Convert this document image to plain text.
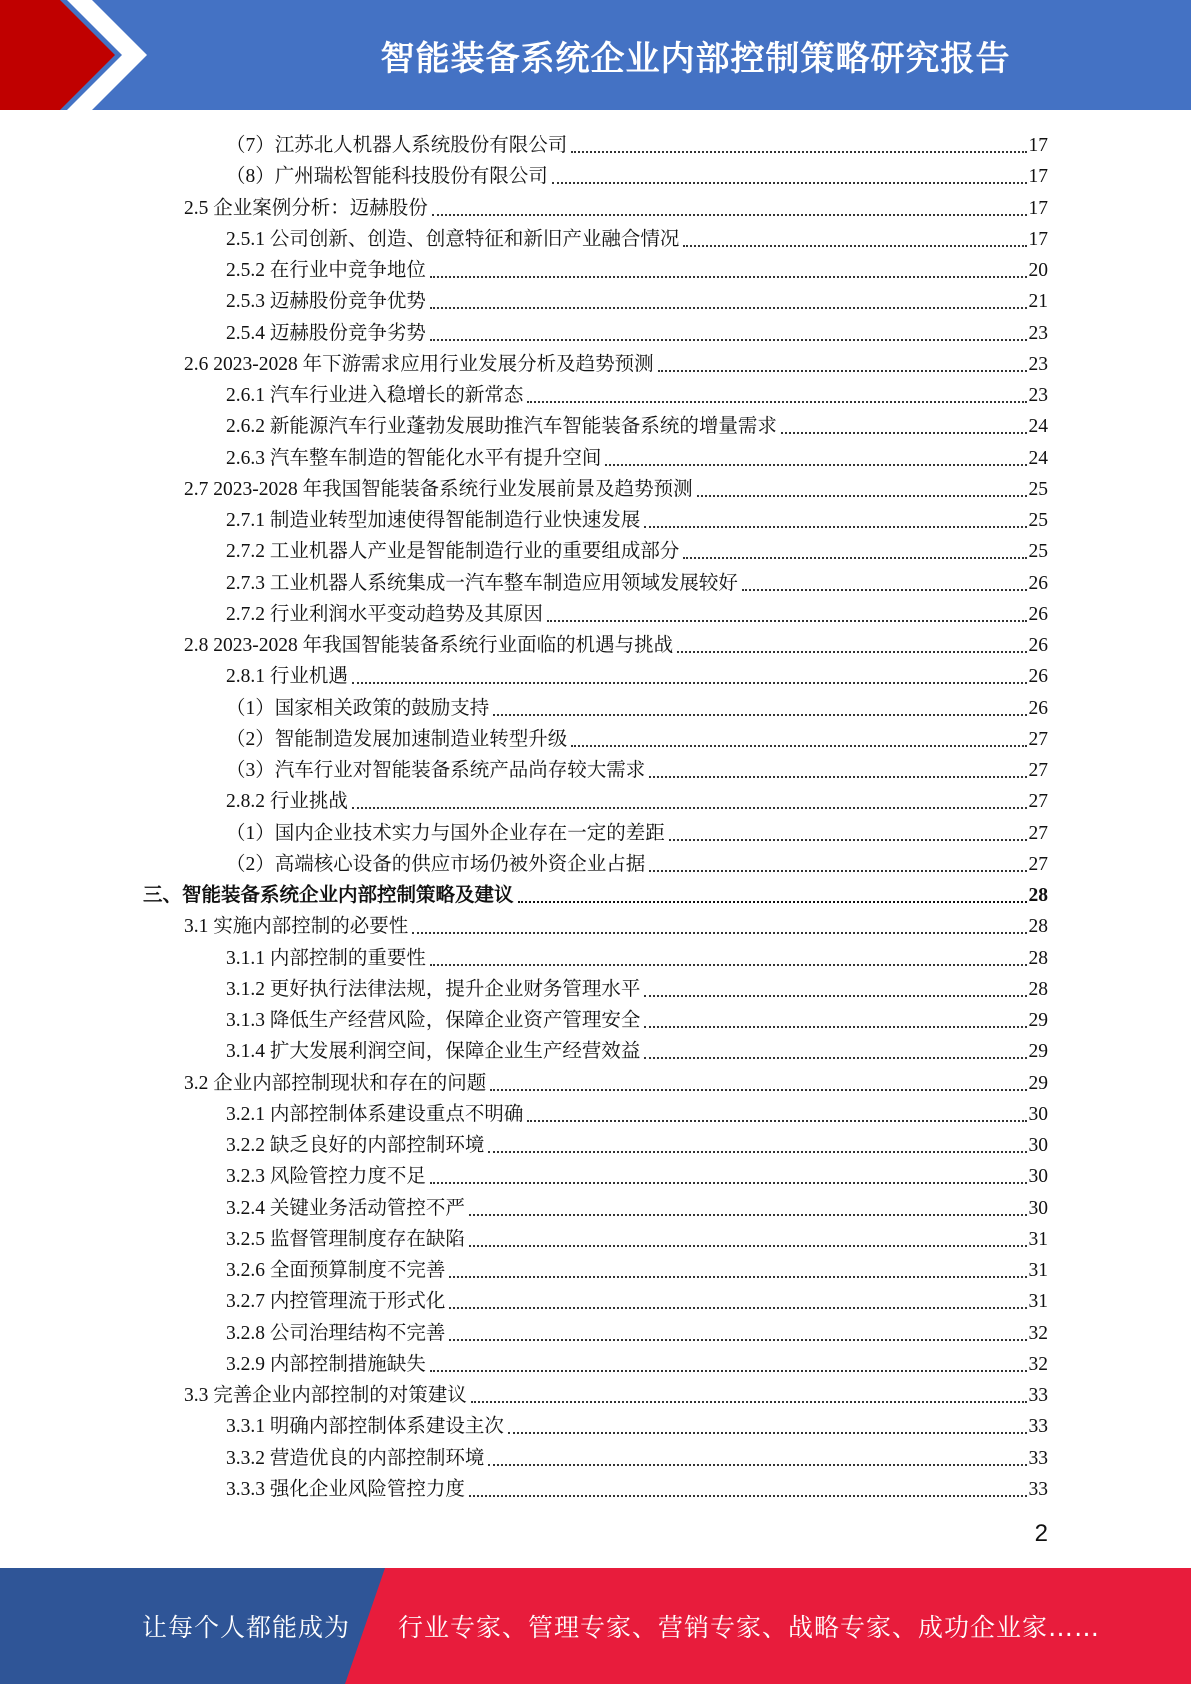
智能装备系统企业内部控制策略研究报告
（7）江苏北人机器人系统股份有限公司	17
（8）广州瑞松智能科技股份有限公司	17
2.5 企业案例分析：迈赫股份	17
2.5.1 公司创新、创造、创意特征和新旧产业融合情况	17
2.5.2 在行业中竞争地位	20
2.5.3 迈赫股份竞争优势	21
2.5.4 迈赫股份竞争劣势	23
2.6 2023-2028 年下游需求应用行业发展分析及趋势预测	23
2.6.1 汽车行业进入稳增长的新常态	23
2.6.2 新能源汽车行业蓬勃发展助推汽车智能装备系统的增量需求	24
2.6.3 汽车整车制造的智能化水平有提升空间	24
2.7 2023-2028 年我国智能装备系统行业发展前景及趋势预测	25
2.7.1 制造业转型加速使得智能制造行业快速发展	25
2.7.2 工业机器人产业是智能制造行业的重要组成部分	25
2.7.3 工业机器人系统集成一汽车整车制造应用领域发展较好	26
2.7.2 行业利润水平变动趋势及其原因	26
2.8 2023-2028 年我国智能装备系统行业面临的机遇与挑战	26
2.8.1 行业机遇	26
（1）国家相关政策的鼓励支持	26
（2）智能制造发展加速制造业转型升级	27
（3）汽车行业对智能装备系统产品尚存较大需求	27
2.8.2 行业挑战	27
（1）国内企业技术实力与国外企业存在一定的差距	27
（2）高端核心设备的供应市场仍被外资企业占据	27
三、智能装备系统企业内部控制策略及建议	28
3.1 实施内部控制的必要性	28
3.1.1 内部控制的重要性	28
3.1.2 更好执行法律法规，提升企业财务管理水平	28
3.1.3 降低生产经营风险，保障企业资产管理安全	29
3.1.4 扩大发展利润空间，保障企业生产经营效益	29
3.2 企业内部控制现状和存在的问题	29
3.2.1 内部控制体系建设重点不明确	30
3.2.2 缺乏良好的内部控制环境	30
3.2.3 风险管控力度不足	30
3.2.4 关键业务活动管控不严	30
3.2.5 监督管理制度存在缺陷	31
3.2.6 全面预算制度不完善	31
3.2.7 内控管理流于形式化	31
3.2.8 公司治理结构不完善	32
3.2.9 内部控制措施缺失	32
3.3 完善企业内部控制的对策建议	33
3.3.1 明确内部控制体系建设主次	33
3.3.2 营造优良的内部控制环境	33
3.3.3 强化企业风险管控力度	33
2
让每个人都能成为 行业专家、管理专家、营销专家、战略专家、成功企业家……
